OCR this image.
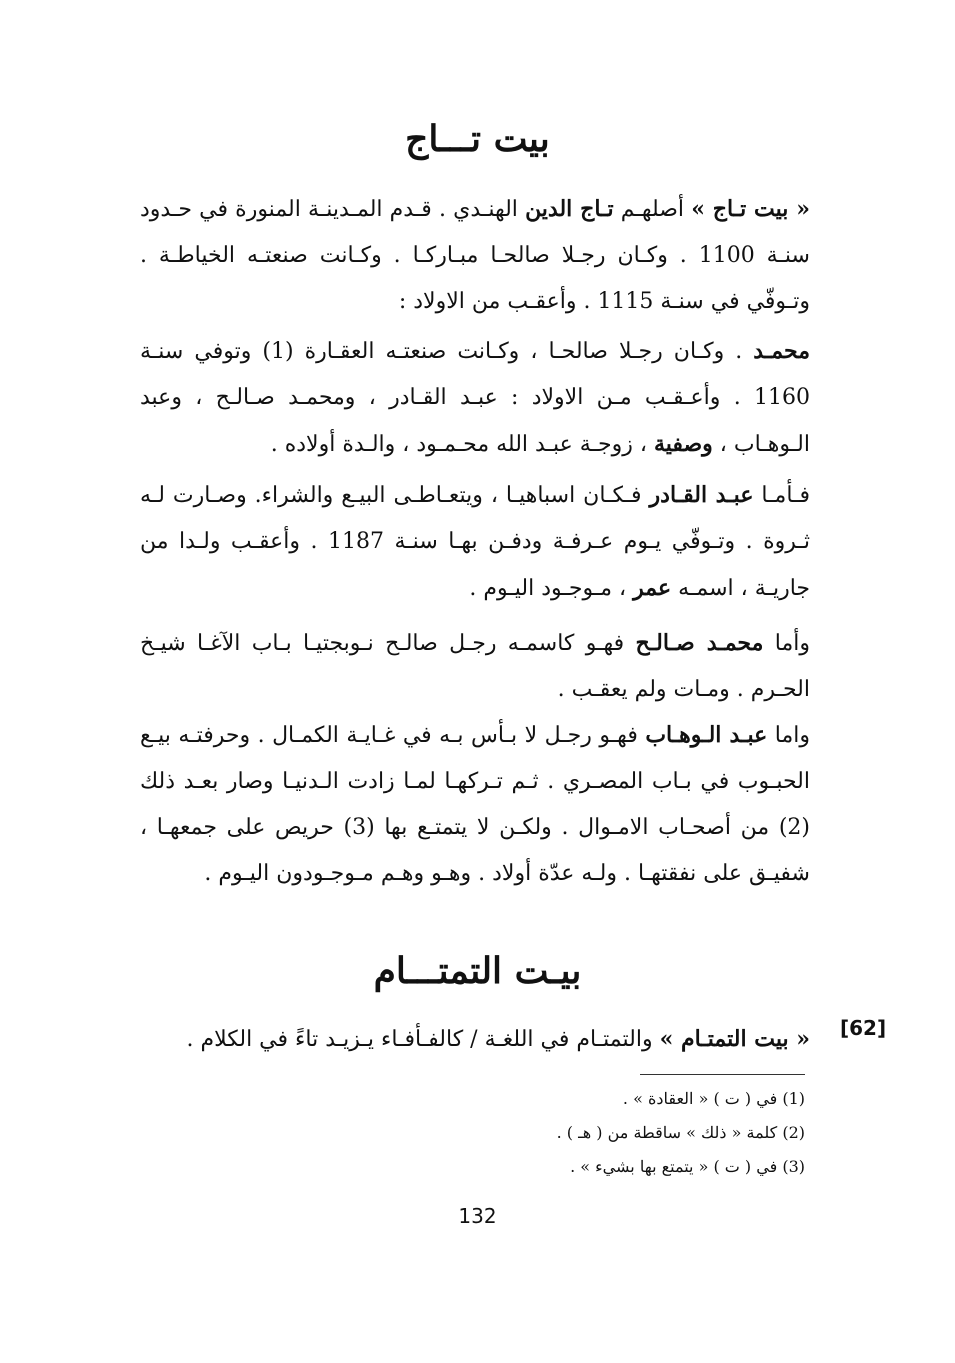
بيت تـــاج
« بيت تـاج » أصلهـم تـاج الدين الهنـدي . قـدم المـدينـة المنورة في حـدود سنـة 1100 . وكـان رجـلا صالحـا مبـاركـا . وكـانت صنعتـه الخياطـة . وتـوفّي في سنـة 1115 . وأعقـب من الاولاد :
محمـد . وكـان رجـلا صالحـا ، وكـانت صنعتـه العقـارة (1) وتوفي سنـة 1160 . وأعـقـب مـن الاولاد : عبـد القـادر ، ومحمـد صـالـح ، وعبد الـوهـاب ، وصفية ، زوجـة عبـد الله محـمـود ، والـدة أولاده .
فـأمـا عبـد القـادر فـكـان اسباهيـا ، ويتعـاطـى البيـع والشراء. وصـارت لـه ثـروة . وتـوفّي يـوم عـرفـة ودفـن بهـا سنـة 1187 . وأعقـب ولـدا من جاريـة ، اسمـه عمر ، مـوجـود اليـوم .
وأما محمـد صـالـح فهـو كاسمـه رجـل صالـح نـوبجتيـا بـاب الآغـا شيـخ الحـرم . ومـات ولم يعقـب .
واما عبـد الـوهـاب فهـو رجـل لا بـأس بـه في غـايـة الكمـال . وحرفتـه بيـع الحبـوب في بـاب المصـري . ثـم تـركهـا لمـا زادت الـدنيـا وصار بعـد ذلك (2) من أصحـاب الامـوال . ولكـن لا يتمتـع بها (3) حريص على جمعهـا ، شفيـق على نفقتهـا . ولـه عدّة أولاد . وهـو وهـم مـوجـودون اليـوم .
بيـت التمتـــام
[62]
« بيت التمتـام » والتمتـام في اللغـة / كالفـأفـاء يـزيـد تاءً في الكلام .
(1) في ( ت ) « العقادة » .
(2) كلمة « ذلك » ساقطة من ( هـ ) .
(3) في ( ت ) « يتمتع بها بشيء » .
132
